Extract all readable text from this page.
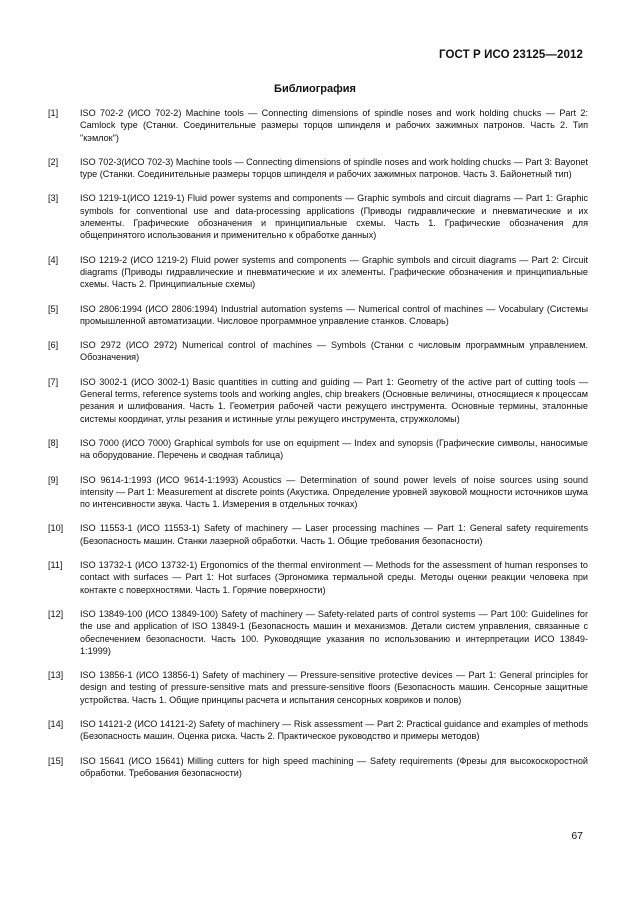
ГОСТ Р ИСО 23125—2012
Библиография
[1] ISO 702-2 (ИСО 702-2) Machine tools — Connecting dimensions of spindle noses and work holding chucks — Part 2: Camlock type (Станки. Соединительные размеры торцов шпинделя и рабочих зажимных патронов. Часть 2. Тип "кэмлок")
[2] ISO 702-3(ИСО 702-3) Machine tools — Connecting dimensions of spindle noses and work holding chucks — Part 3: Bayonet type (Станки. Соединительные размеры торцов шпинделя и рабочих зажимных патронов. Часть 3. Байонетный тип)
[3] ISO 1219-1(ИСО 1219-1) Fluid power systems and components — Graphic symbols and circuit diagrams — Part 1: Graphic symbols for conventional use and data-processing applications (Приводы гидравлические и пневматические и их элементы. Графические обозначения и принципиальные схемы. Часть 1. Графические обозначения для общепринятого использования и применительно к обработке данных)
[4] ISO 1219-2 (ИСО 1219-2) Fluid power systems and components — Graphic symbols and circuit diagrams — Part 2: Circuit diagrams (Приводы гидравлические и пневматические и их элементы. Графические обозначения и принципиальные схемы. Часть 2. Принципиальные схемы)
[5] ISO 2806:1994 (ИСО 2806:1994) Industrial automation systems — Numerical control of machines — Vocabulary (Системы промышленной автоматизации. Числовое программное управление станков. Словарь)
[6] ISO 2972 (ИСО 2972) Numerical control of machines — Symbols (Станки с числовым программным управлением. Обозначения)
[7] ISO 3002-1 (ИСО 3002-1) Basic quantities in cutting and guiding — Part 1: Geometry of the active part of cutting tools — General terms, reference systems tools and working angles, chip breakers (Основные величины, относящиеся к процессам резания и шлифования. Часть 1. Геометрия рабочей части режущего инструмента. Основные термины, эталонные системы координат, углы резания и истинные углы режущего инструмента, стружколомы)
[8] ISO 7000 (ИСО 7000) Graphical symbols for use on equipment — Index and synopsis (Графические символы, наносимые на оборудование. Перечень и сводная таблица)
[9] ISO 9614-1:1993 (ИСО 9614-1:1993) Acoustics — Determination of sound power levels of noise sources using sound intensity — Part 1: Measurement at discrete points (Акустика. Определение уровней звуковой мощности источников шума по интенсивности звука. Часть 1. Измерения в отдельных точках)
[10] ISO 11553-1 (ИСО 11553-1) Safety of machinery — Laser processing machines — Part 1: General safety requirements (Безопасность машин. Станки лазерной обработки. Часть 1. Общие требования безопасности)
[11] ISO 13732-1 (ИСО 13732-1) Ergonomics of the thermal environment — Methods for the assessment of human responses to contact with surfaces — Part 1: Hot surfaces (Эргономика термальной среды. Методы оценки реакции человека при контакте с поверхностями. Часть 1. Горячие поверхности)
[12] ISO 13849-100 (ИСО 13849-100) Safety of machinery — Safety-related parts of control systems — Part 100: Guidelines for the use and application of ISO 13849-1 (Безопасность машин и механизмов. Детали систем управления, связанные с обеспечением безопасности. Часть 100. Руководящие указания по использованию и интерпретации ИСО 13849-1:1999)
[13] ISO 13856-1 (ИСО 13856-1) Safety of machinery — Pressure-sensitive protective devices — Part 1: General principles for design and testing of pressure-sensitive mats and pressure-sensitive floors (Безопасность машин. Сенсорные защитные устройства. Часть 1. Общие принципы расчета и испытания сенсорных ковриков и полов)
[14] ISO 14121-2 (ИСО 14121-2) Safety of machinery — Risk assessment — Part 2: Practical guidance and examples of methods (Безопасность машин. Оценка риска. Часть 2. Практическое руководство и примеры методов)
[15] ISO 15641 (ИСО 15641) Milling cutters for high speed machining — Safety requirements (Фрезы для высокоскоростной обработки. Требования безопасности)
67
